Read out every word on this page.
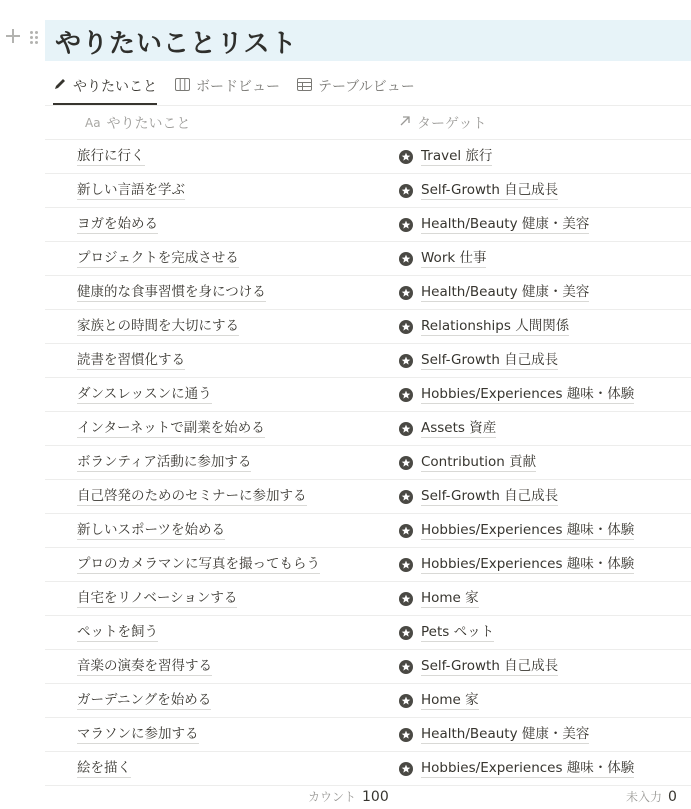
やりたいことリスト
やりたいこと	ボードビュー	テーブルビュー
Aa やりたいこと	ターゲット
旅行に行く	Travel 旅行
新しい言語を学ぶ	Self-Growth 自己成長
ヨガを始める	Health/Beauty 健康・美容
プロジェクトを完成させる	Work 仕事
健康的な食事習慣を身につける	Health/Beauty 健康・美容
家族との時間を大切にする	Relationships 人間関係
読書を習慣化する	Self-Growth 自己成長
ダンスレッスンに通う	Hobbies/Experiences 趣味・体験
インターネットで副業を始める	Assets 資産
ボランティア活動に参加する	Contribution 貢献
自己啓発のためのセミナーに参加する	Self-Growth 自己成長
新しいスポーツを始める	Hobbies/Experiences 趣味・体験
プロのカメラマンに写真を撮ってもらう	Hobbies/Experiences 趣味・体験
自宅をリノベーションする	Home 家
ペットを飼う	Pets ペット
音楽の演奏を習得する	Self-Growth 自己成長
ガーデニングを始める	Home 家
マラソンに参加する	Health/Beauty 健康・美容
絵を描く	Hobbies/Experiences 趣味・体験
カウント 100	未入力 0
